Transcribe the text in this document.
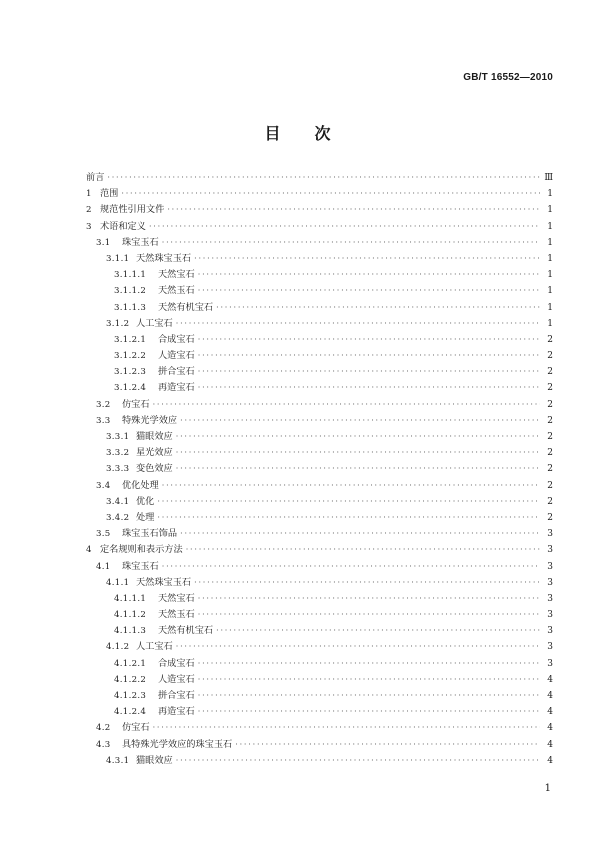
GB/T 16552—2010
目 次
前言 ·····	Ⅲ
1 范围 ·····	1
2 规范性引用文件 ·····	1
3 术语和定义 ·····	1
3.1	珠宝玉石 ·····	1
3.1.1 天然珠宝玉石 ·····	1
3.1.1.1	天然宝石 ·····	1
3.1.1.2	天然玉石 ·····	1
3.1.1.3	天然有机宝石 ·····	1
3.1.2 人工宝石 ·····	1
3.1.2.1	合成宝石 ·····	2
3.1.2.2	人造宝石 ·····	2
3.1.2.3	拼合宝石 ·····	2
3.1.2.4	再造宝石 ·····	2
3.2	仿宝石 ·····	2
3.3	特殊光学效应 ·····	2
3.3.1 猫眼效应 ·····	2
3.3.2 星光效应 ·····	2
3.3.3 变色效应 ·····	2
3.4	优化处理 ·····	2
3.4.1 优化 ·····	2
3.4.2 处理 ·····	2
3.5	珠宝玉石饰品 ·····	3
4 定名规则和表示方法 ·····	3
4.1	珠宝玉石 ·····	3
4.1.1 天然珠宝玉石 ·····	3
4.1.1.1	天然宝石 ·····	3
4.1.1.2	天然玉石 ·····	3
4.1.1.3	天然有机宝石 ·····	3
4.1.2 人工宝石 ·····	3
4.1.2.1	合成宝石 ·····	3
4.1.2.2	人造宝石 ·····	4
4.1.2.3	拼合宝石 ·····	4
4.1.2.4	再造宝石 ·····	4
4.2	仿宝石 ·····	4
4.3	具特殊光学效应的珠宝玉石 ·····	4
4.3.1 猫眼效应 ·····	4
1
